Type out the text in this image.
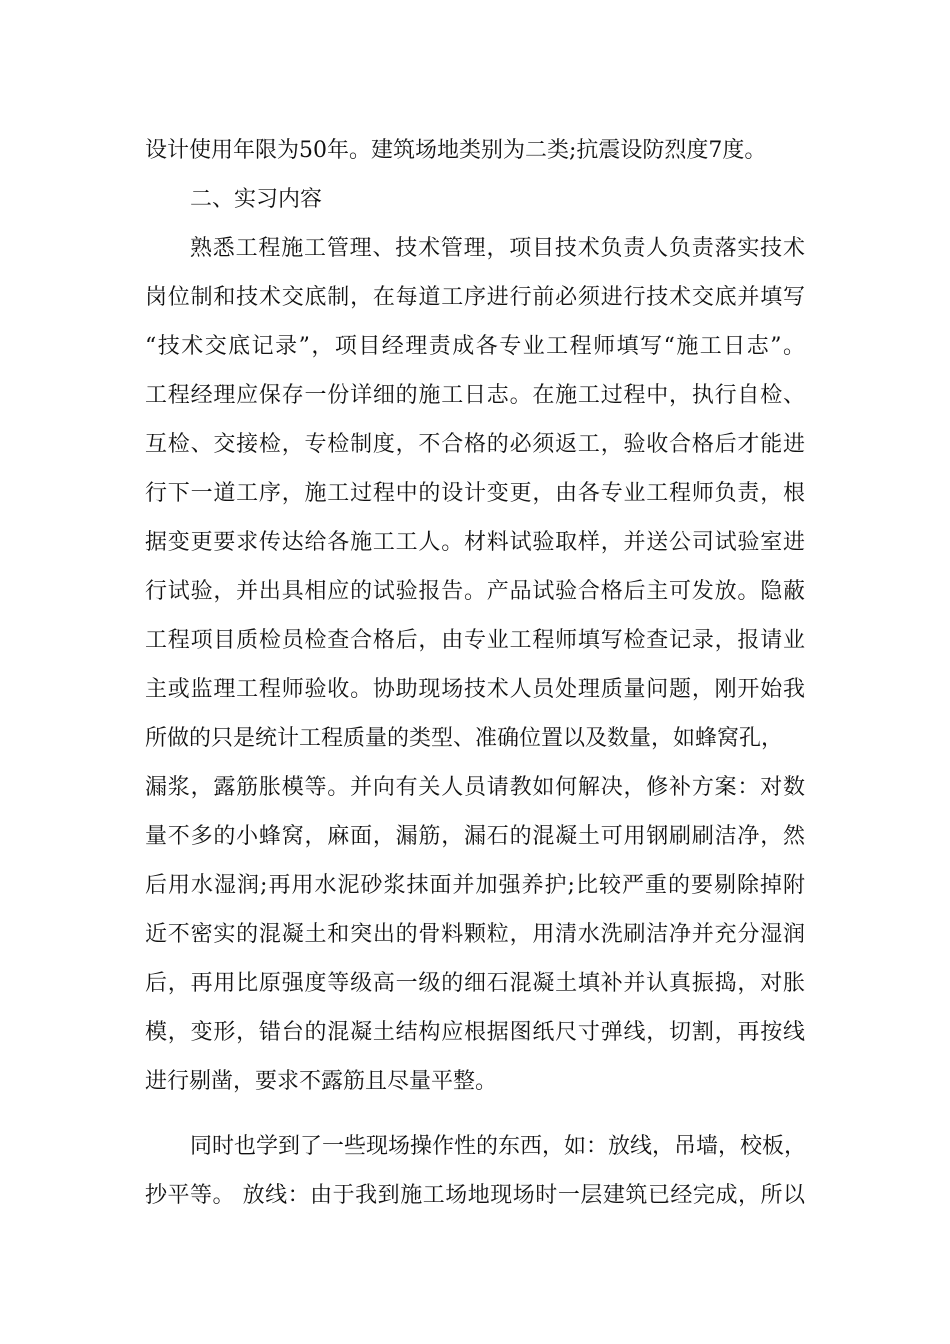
设计使用年限为50年。建筑场地类别为二类;抗震设防烈度7度。
二、实习内容
熟悉工程施工管理、技术管理，项目技术负责人负责落实技术
岗位制和技术交底制，在每道工序进行前必须进行技术交底并填写
“技术交底记录”，项目经理责成各专业工程师填写“施工日志”。
工程经理应保存一份详细的施工日志。在施工过程中，执行自检、
互检、交接检，专检制度，不合格的必须返工，验收合格后才能进
行下一道工序，施工过程中的设计变更，由各专业工程师负责，根
据变更要求传达给各施工工人。材料试验取样，并送公司试验室进
行试验，并出具相应的试验报告。产品试验合格后主可发放。隐蔽
工程项目质检员检查合格后，由专业工程师填写检查记录，报请业
主或监理工程师验收。协助现场技术人员处理质量问题，刚开始我
所做的只是统计工程质量的类型、准确位置以及数量，如蜂窝孔，
漏浆，露筋胀模等。并向有关人员请教如何解决，修补方案：对数
量不多的小蜂窝，麻面，漏筋，漏石的混凝土可用钢刷刷洁净，然
后用水湿润;再用水泥砂浆抹面并加强养护;比较严重的要剔除掉附
近不密实的混凝土和突出的骨料颗粒，用清水洗刷洁净并充分湿润
后，再用比原强度等级高一级的细石混凝土填补并认真振捣，对胀
模，变形，错台的混凝土结构应根据图纸尺寸弹线，切割，再按线
进行剔凿，要求不露筋且尽量平整。
同时也学到了一些现场操作性的东西，如：放线，吊墙，校板，
抄平等。 放线：由于我到施工场地现场时一层建筑已经完成，所以
